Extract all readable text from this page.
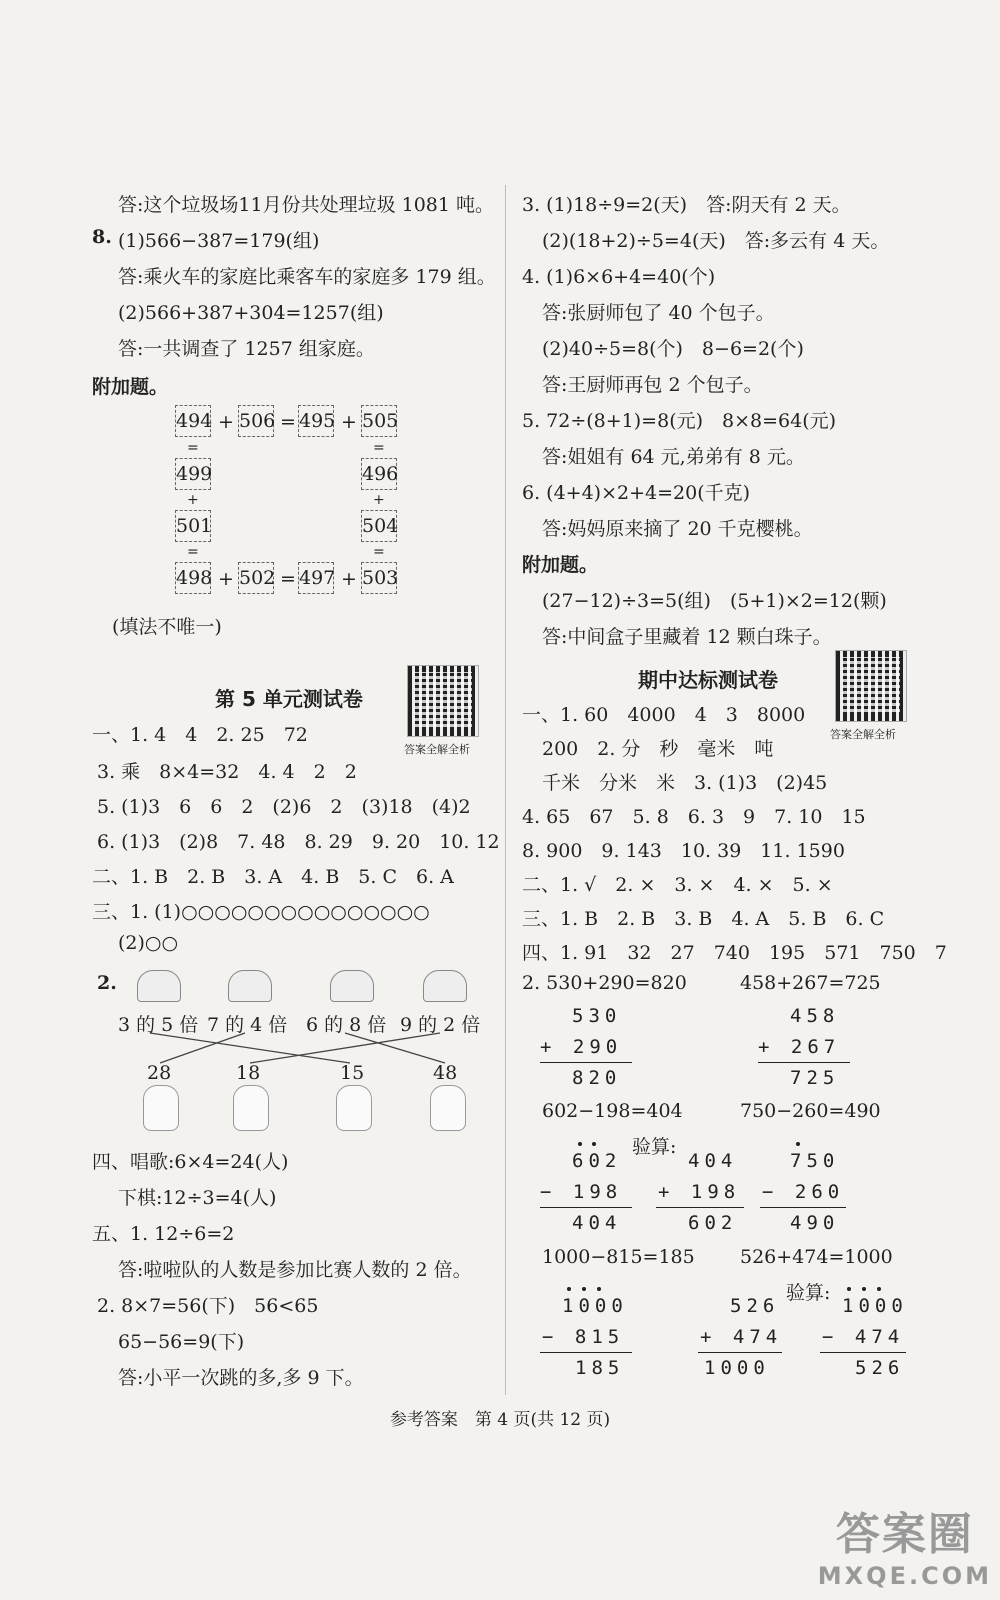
答:这个垃圾场11月份共处理垃圾 1081 吨。
8. (1)566−387=179(组)
答:乘火车的家庭比乘客车的家庭多 179 组。
(2)566+387+304=1257(组)
答:一共调查了 1257 组家庭。
附加题。
494 + 506 = 495 + 505
=	=
499	496
+	+
501	504
=	=
498 + 502 = 497 + 503
(填法不唯一)
第 5 单元测试卷
答案全解全析
一、1. 4　4　2. 25　72
3. 乘　8×4=32　4. 4　2　2
5. (1)3　6　6　2　(2)6　2　(3)18　(4)2
6. (1)3　(2)8　7. 48　8. 29　9. 20　10. 12
二、1. B　2. B　3. A　4. B　5. C　6. A
三、1. (1)○○○○○○○○○○○○○○○
(2)○○
2.
3 的 5 倍 7 的 4 倍 6 的 8 倍 9 的 2 倍
28	18	15	48
四、唱歌:6×4=24(人)
下棋:12÷3=4(人)
五、1. 12÷6=2
答:啦啦队的人数是参加比赛人数的 2 倍。
2. 8×7=56(下)　56<65
65−56=9(下)
答:小平一次跳的多,多 9 下。
3. (1)18÷9=2(天)　答:阴天有 2 天。
(2)(18+2)÷5=4(天)　答:多云有 4 天。
4. (1)6×6+4=40(个)
答:张厨师包了 40 个包子。
(2)40÷5=8(个)　8−6=2(个)
答:王厨师再包 2 个包子。
5. 72÷(8+1)=8(元)　8×8=64(元)
答:姐姐有 64 元,弟弟有 8 元。
6. (4+4)×2+4=20(千克)
答:妈妈原来摘了 20 千克樱桃。
附加题。
(27−12)÷3=5(组)　(5+1)×2=12(颗)
答:中间盒子里藏着 12 颗白珠子。
期中达标测试卷
答案全解全析
一、1. 60　4000　4　3　8000
200　2. 分　秒　毫米　吨
千米　分米　米　3. (1)3　(2)45
4. 65　67　5. 8　6. 3　9　7. 10　15
8. 900　9. 143　10. 39　11. 1590
二、1. √　2. ×　3. ×　4. ×　5. ×
三、1. B　2. B　3. B　4. A　5. B　6. C
四、1. 91　32　27　740　195　571　750　7
2. 530+290=820	458+267=725
530
+ 290
820
458
+ 267
725
602−198=404	750−260=490
602
− 198
404
验算:
404
+ 198
602
750
− 260
490
1000−815=185 526+474=1000
1000
− 815
185
526
+ 474
1000
验算:
1000
− 474
526
参考答案　第 4 页(共 12 页)
答案圈
MXQE.COM
